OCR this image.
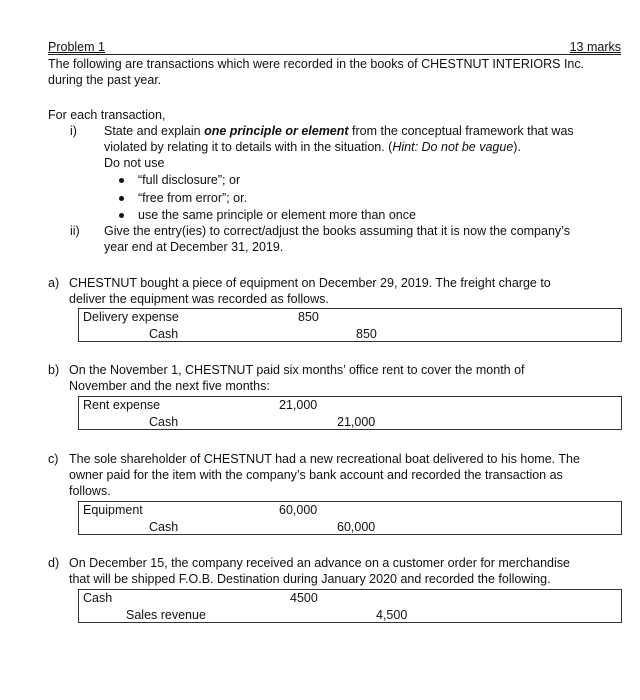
Problem 1	13 marks
The following are transactions which were recorded in the books of CHESTNUT INTERIORS Inc.
during the past year.
For each transaction,
i) State and explain one principle or element from the conceptual framework that was
violated by relating it to details with in the situation. (Hint: Do not be vague).
Do not use
“full disclosure”; or
“free from error”; or.
use the same principle or element more than once
ii) Give the entry(ies) to correct/adjust the books assuming that it is now the company’s
year end at December 31, 2019.
a) CHESTNUT bought a piece of equipment on December 29, 2019. The freight charge to
deliver the equipment was recorded as follows.
Delivery expense	850
Cash	850
b) On the November 1, CHESTNUT paid six months’ office rent to cover the month of
November and the next five months:
Rent expense	21,000
Cash	21,000
c) The sole shareholder of CHESTNUT had a new recreational boat delivered to his home. The
owner paid for the item with the company’s bank account and recorded the transaction as
follows.
Equipment	60,000
Cash	60,000
d) On December 15, the company received an advance on a customer order for merchandise
that will be shipped F.O.B. Destination during January 2020 and recorded the following.
Cash	4500
Sales revenue	4,500
